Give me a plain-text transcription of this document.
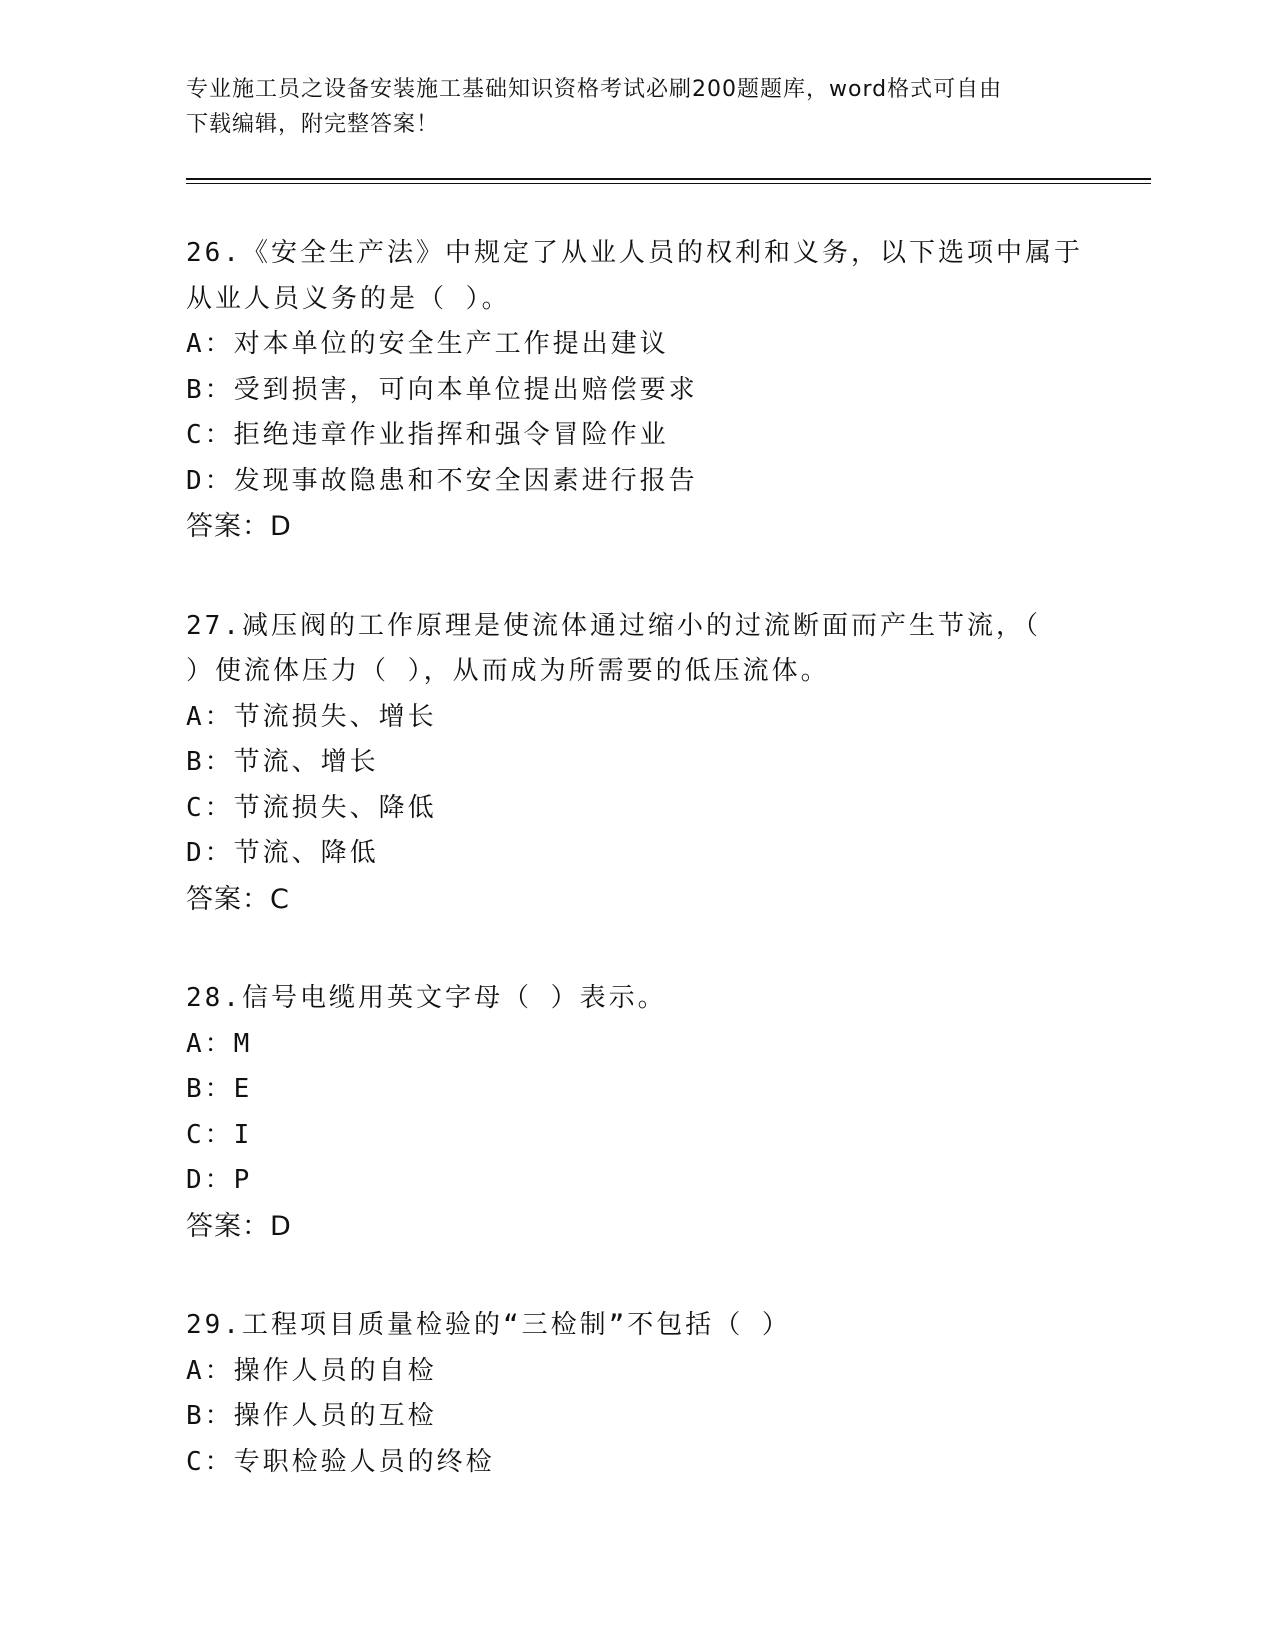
专业施工员之设备安装施工基础知识资格考试必刷200题题库，word格式可自由
下载编辑，附完整答案！
26.《安全生产法》中规定了从业人员的权利和义务，以下选项中属于
从业人员义务的是（ ）。
A：对本单位的安全生产工作提出建议
B：受到损害，可向本单位提出赔偿要求
C：拒绝违章作业指挥和强令冒险作业
D：发现事故隐患和不安全因素进行报告
答案：D
27.减压阀的工作原理是使流体通过缩小的过流断面而产生节流，（
）使流体压力（ ），从而成为所需要的低压流体。
A：节流损失、增长
B：节流、增长
C：节流损失、降低
D：节流、降低
答案：C
28.信号电缆用英文字母（ ）表示。
A：M
B：E
C：I
D：P
答案：D
29.工程项目质量检验的“三检制”不包括（ ）
A：操作人员的自检
B：操作人员的互检
C：专职检验人员的终检
